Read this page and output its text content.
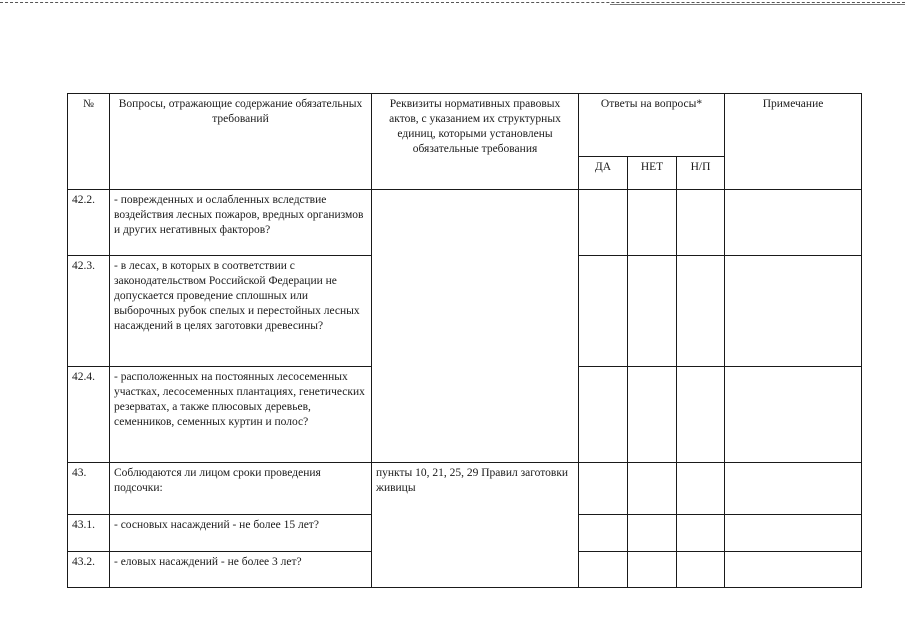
№	Вопросы, отражающие содержание обязательных требований	Реквизиты нормативных правовых актов, с указанием их структурных единиц, которыми установлены обязательные требования	Ответы на вопросы*			Примечание
			ДА	НЕТ	Н/П	
42.2.	- поврежденных и ослабленных вследствие воздействия лесных пожаров, вредных организмов и других негативных факторов?					
42.3.	- в лесах, в которых в соответствии с законодательством Российской Федерации не допускается проведение сплошных или выборочных рубок спелых и перестойных лесных насаждений в целях заготовки древесины?					
42.4.	- расположенных на постоянных лесосеменных участках, лесосеменных плантациях, генетических резерватах, а также плюсовых деревьев, семенников, семенных куртин и полос?					
43.	Соблюдаются ли лицом сроки проведения подсочки:	пункты 10, 21, 25, 29 Правил заготовки живицы				
43.1.	- сосновых насаждений - не более 15 лет?					
43.2.	- еловых насаждений - не более 3 лет?					
